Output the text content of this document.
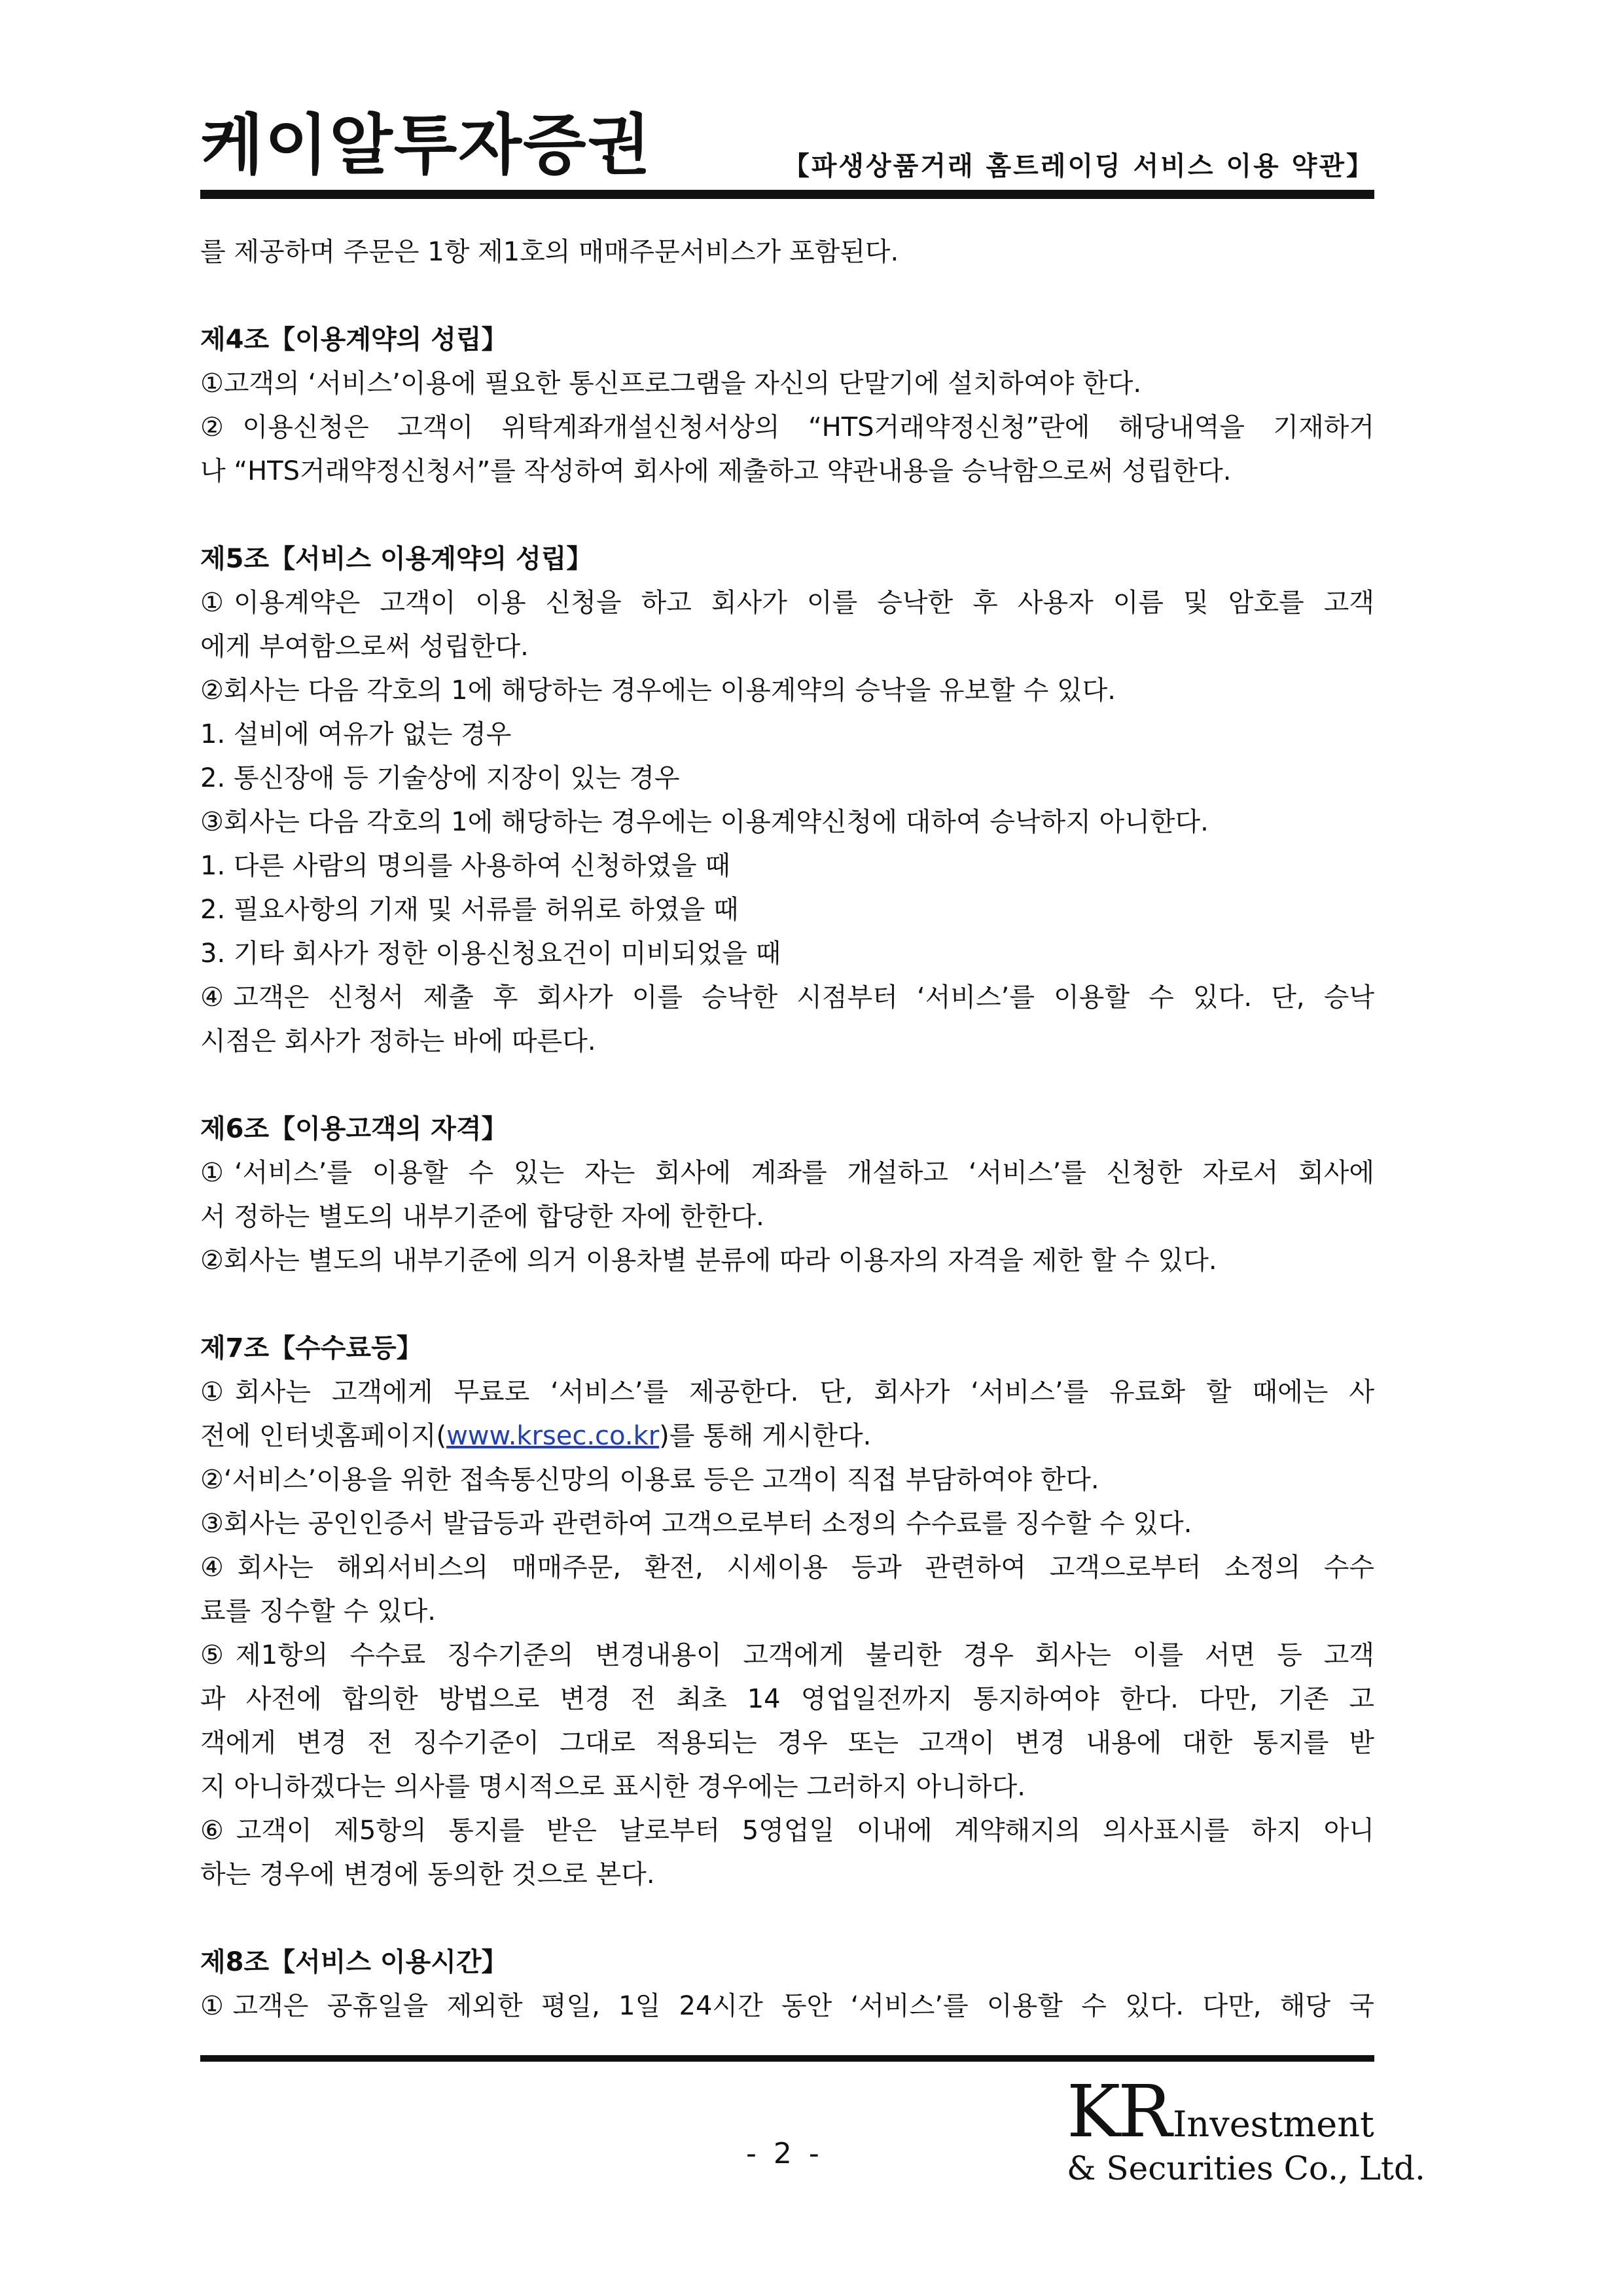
케이알투자증권	【파생상품거래 홈트레이딩 서비스 이용 약관】

를 제공하며 주문은 1항 제1호의 매매주문서비스가 포함된다.

제4조【이용계약의 성립】

①고객의 ‘서비스’이용에 필요한 통신프로그램을 자신의 단말기에 설치하여야 한다.

②이용신청은 고객이 위탁계좌개설신청서상의 “HTS거래약정신청”란에 해당내역을 기재하거

나 “HTS거래약정신청서”를 작성하여 회사에 제출하고 약관내용을 승낙함으로써 성립한다.

제5조【서비스 이용계약의 성립】

①이용계약은 고객이 이용 신청을 하고 회사가 이를 승낙한 후 사용자 이름 및 암호를 고객

에게 부여함으로써 성립한다.

②회사는 다음 각호의 1에 해당하는 경우에는 이용계약의 승낙을 유보할 수 있다.

1. 설비에 여유가 없는 경우

2. 통신장애 등 기술상에 지장이 있는 경우

③회사는 다음 각호의 1에 해당하는 경우에는 이용계약신청에 대하여 승낙하지 아니한다.

1. 다른 사람의 명의를 사용하여 신청하였을 때

2. 필요사항의 기재 및 서류를 허위로 하였을 때

3. 기타 회사가 정한 이용신청요건이 미비되었을 때

④고객은 신청서 제출 후 회사가 이를 승낙한 시점부터 ‘서비스’를 이용할 수 있다. 단, 승낙

시점은 회사가 정하는 바에 따른다.

제6조【이용고객의 자격】

①‘서비스’를 이용할 수 있는 자는 회사에 계좌를 개설하고 ‘서비스’를 신청한 자로서 회사에

서 정하는 별도의 내부기준에 합당한 자에 한한다.

②회사는 별도의 내부기준에 의거 이용차별 분류에 따라 이용자의 자격을 제한 할 수 있다.

제7조【수수료등】

①회사는 고객에게 무료로 ‘서비스’를 제공한다. 단, 회사가 ‘서비스’를 유료화 할 때에는 사

전에 인터넷홈페이지(www.krsec.co.kr)를 통해 게시한다.

②‘서비스’이용을 위한 접속통신망의 이용료 등은 고객이 직접 부담하여야 한다.

③회사는 공인인증서 발급등과 관련하여 고객으로부터 소정의 수수료를 징수할 수 있다.

④회사는 해외서비스의 매매주문, 환전, 시세이용 등과 관련하여 고객으로부터 소정의 수수

료를 징수할 수 있다.

⑤제1항의 수수료 징수기준의 변경내용이 고객에게 불리한 경우 회사는 이를 서면 등 고객

과 사전에 합의한 방법으로 변경 전 최초 14 영업일전까지 통지하여야 한다. 다만, 기존 고

객에게 변경 전 징수기준이 그대로 적용되는 경우 또는 고객이 변경 내용에 대한 통지를 받

지 아니하겠다는 의사를 명시적으로 표시한 경우에는 그러하지 아니하다.

⑥고객이 제5항의 통지를 받은 날로부터 5영업일 이내에 계약해지의 의사표시를 하지 아니

하는 경우에 변경에 동의한 것으로 본다.

제8조【서비스 이용시간】

①고객은 공휴일을 제외한 평일, 1일 24시간 동안 ‘서비스’를 이용할 수 있다. 다만, 해당 국

- 2 -
KR Investment
& Securities Co., Ltd.
